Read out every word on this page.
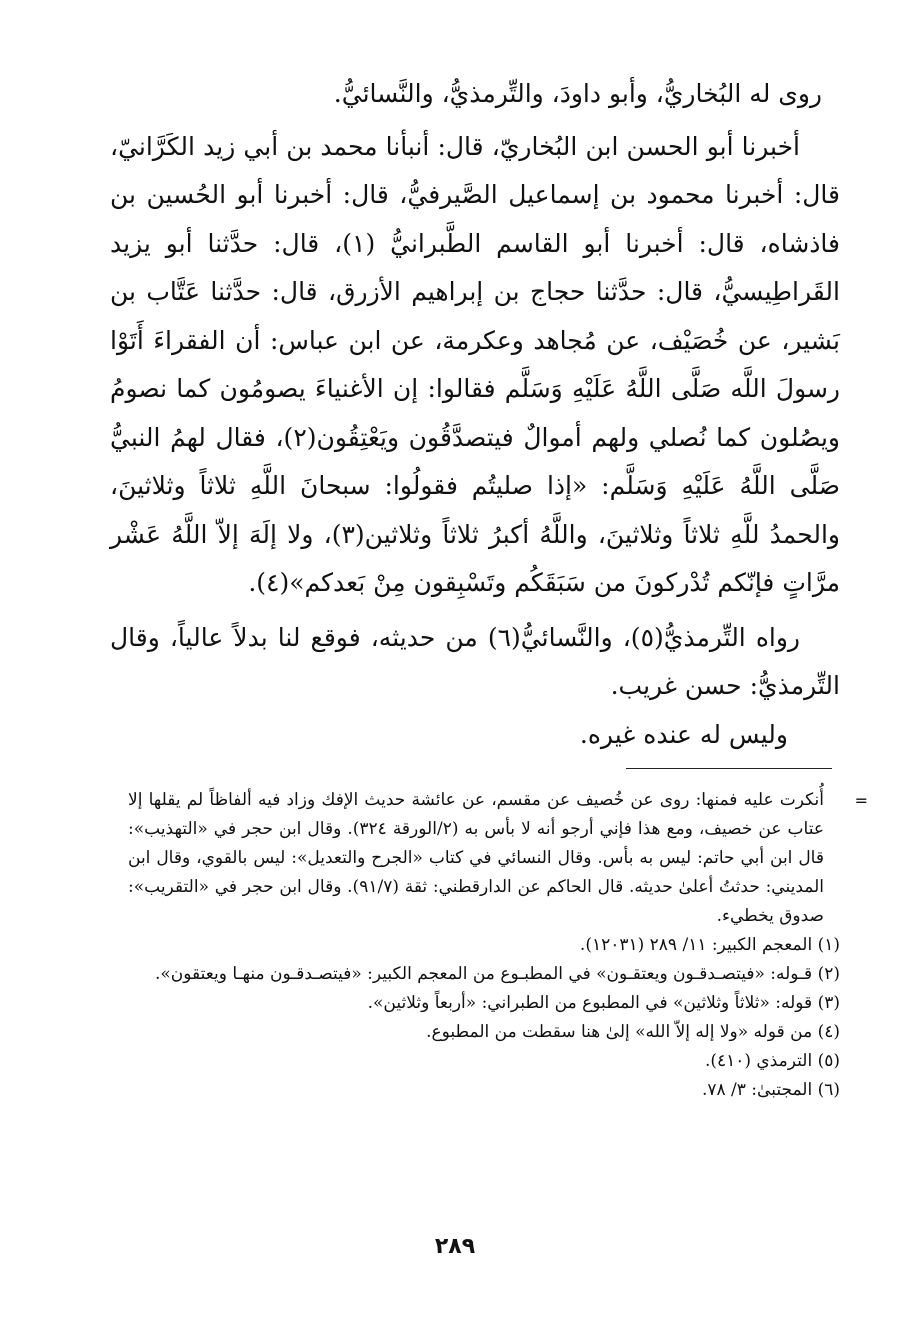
روى له البُخاريُّ، وأبو داودَ، والتِّرمذيُّ، والنَّسائيُّ.

أخبرنا أبو الحسن ابن البُخاريّ، قال: أنبأنا محمد بن أبي زيد الكَرَّانيّ، قال: أخبرنا محمود بن إسماعيل الصَّيرفيُّ، قال: أخبرنا أبو الحُسين بن فاذشاه، قال: أخبرنا أبو القاسم الطَّبرانيُّ (١)، قال: حدَّثنا أبو يزيد القَراطِيسيُّ، قال: حدَّثنا حجاج بن إبراهيم الأزرق، قال: حدَّثنا عَتَّاب بن بَشير، عن خُصَيْف، عن مُجاهد وعكرمة، عن ابن عباس: أن الفقراءَ أَتَوْا رسولَ اللَّه صَلَّى اللَّهُ عَلَيْهِ وَسَلَّم فقالوا: إن الأغنياءَ يصومُون كما نصومُ ويصُلون كما نُصلي ولهم أموالٌ فيتصدَّقُون ويَعْتِقُون(٢)، فقال لهمُ النبيُّ صَلَّى اللَّهُ عَلَيْهِ وَسَلَّم: «إذا صليتُم فقولُوا: سبحانَ اللَّهِ ثلاثاً وثلاثينَ، والحمدُ للَّهِ ثلاثاً وثلاثينَ، واللَّهُ أكبرُ ثلاثاً وثلاثين(٣)، ولا إلَهَ إلاّ اللَّهُ عَشْر مرَّاتٍ فإنّكم تُدْركونَ من سَبَقَكُم وتَسْبِقون مِنْ بَعدكم»(٤).

رواه التِّرمذيُّ(٥)، والنَّسائيُّ(٦) من حديثه، فوقع لنا بدلاً عالياً، وقال التِّرمذيُّ: حسن غريب.

وليس له عنده غيره.

=
أُنكرت عليه فمنها: روى عن خُصيف عن مقسم، عن عائشة حديث الإفك وزاد فيه ألفاظاً لم يقلها إلا عتاب عن خصيف، ومع هذا فإني أرجو أنه لا بأس به (٢/الورقة ٣٢٤). وقال ابن حجر في «التهذيب»: قال ابن أبي حاتم: ليس به بأس. وقال النسائي في كتاب «الجرح والتعديل»: ليس بالقوي، وقال ابن المديني: حدثتُ أعلىٰ حديثه. قال الحاكم عن الدارقطني: ثقة (٩١/٧). وقال ابن حجر في «التقريب»: صدوق يخطيء.

(١) المعجم الكبير: ١١/ ٢٨٩ (١٢٠٣١).

(٢) قـوله: «فيتصـدقـون ويعتقـون» في المطبـوع من المعجم الكبير: «فيتصـدقـون منهـا ويعتقون».

(٣) قوله: «ثلاثاً وثلاثين» في المطبوع من الطبراني: «أربعاً وثلاثين».

(٤) من قوله «ولا إله إلاّ الله» إلىٰ هنا سقطت من المطبوع.

(٥) الترمذي (٤١٠).

(٦) المجتبىٰ: ٣/ ٧٨.

٢٨٩
